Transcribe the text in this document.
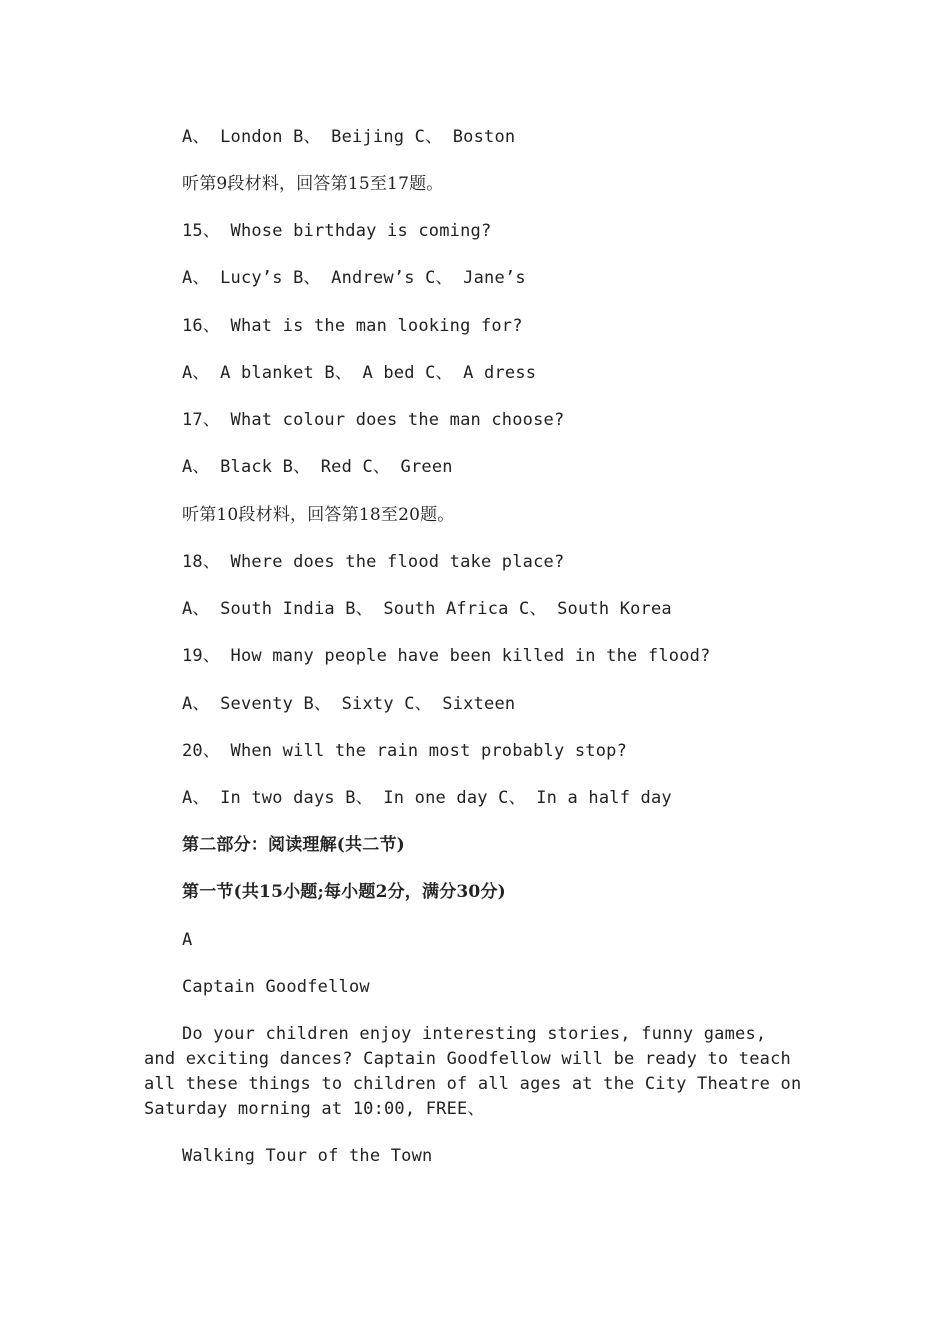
A、 London B、 Beijing C、 Boston
听第9段材料，回答第15至17题。
15、 Whose birthday is coming?
A、 Lucy’s B、 Andrew’s C、 Jane’s
16、 What is the man looking for?
A、 A blanket B、 A bed C、 A dress
17、 What colour does the man choose?
A、 Black B、 Red C、 Green
听第10段材料，回答第18至20题。
18、 Where does the flood take place?
A、 South India B、 South Africa C、 South Korea
19、 How many people have been killed in the flood?
A、 Seventy B、 Sixty C、 Sixteen
20、 When will the rain most probably stop?
A、 In two days B、 In one day C、 In a half day
第二部分：阅读理解(共二节)
第一节(共15小题;每小题2分，满分30分)
A
Captain Goodfellow

Do your children enjoy interesting stories, funny games, and exciting dances? Captain Goodfellow will be ready to teach all these things to children of all ages at the City Theatre on Saturday morning at 10:00, FREE、

Walking Tour of the Town
